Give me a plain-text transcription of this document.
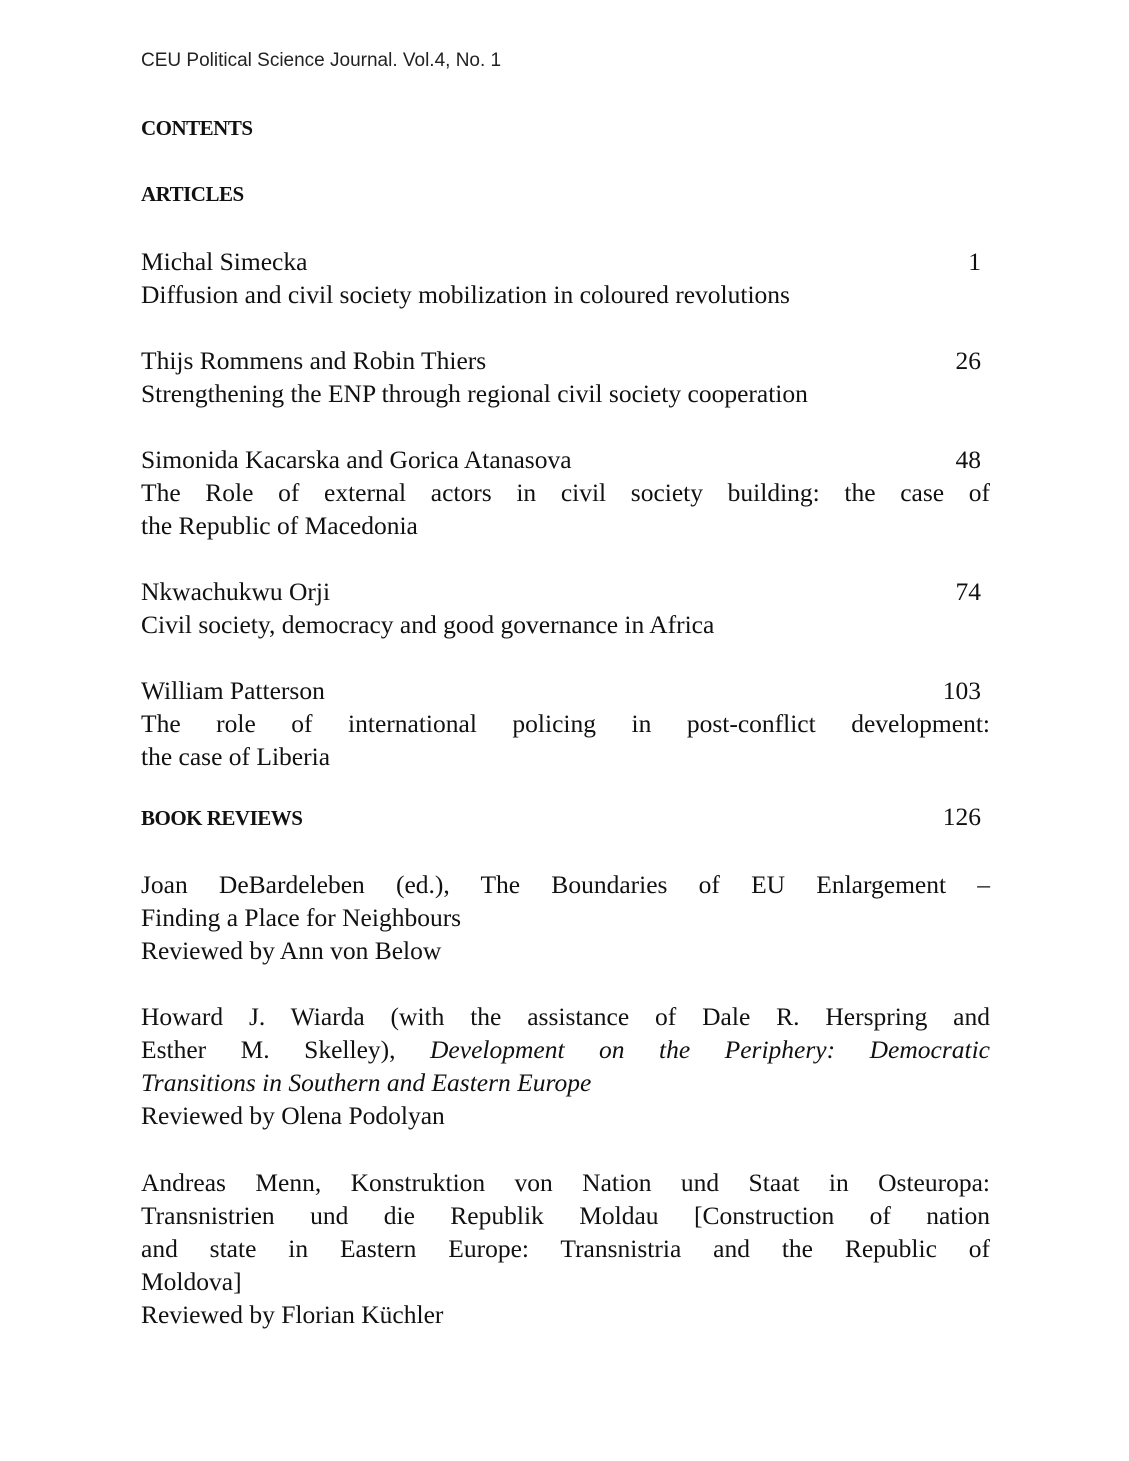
CEU Political Science Journal. Vol.4, No. 1
CONTENTS
ARTICLES
Michal Simecka	1
Diffusion and civil society mobilization in coloured revolutions
Thijs Rommens and Robin Thiers	26
Strengthening the ENP through regional civil society cooperation
Simonida Kacarska and Gorica Atanasova	48
The Role of external actors in civil society building: the case of
the Republic of Macedonia
Nkwachukwu Orji	74
Civil society, democracy and good governance in Africa
William Patterson	103
The role of international policing in post-conflict development:
the case of Liberia
BOOK REVIEWS	126
Joan DeBardeleben (ed.), The Boundaries of EU Enlargement –
Finding a Place for Neighbours
Reviewed by Ann von Below
Howard J. Wiarda (with the assistance of Dale R. Herspring and
Esther M. Skelley), Development on the Periphery: Democratic
Transitions in Southern and Eastern Europe
Reviewed by Olena Podolyan
Andreas Menn, Konstruktion von Nation und Staat in Osteuropa:
Transnistrien und die Republik Moldau [Construction of nation
and state in Eastern Europe: Transnistria and the Republic of
Moldova]
Reviewed by Florian Küchler
